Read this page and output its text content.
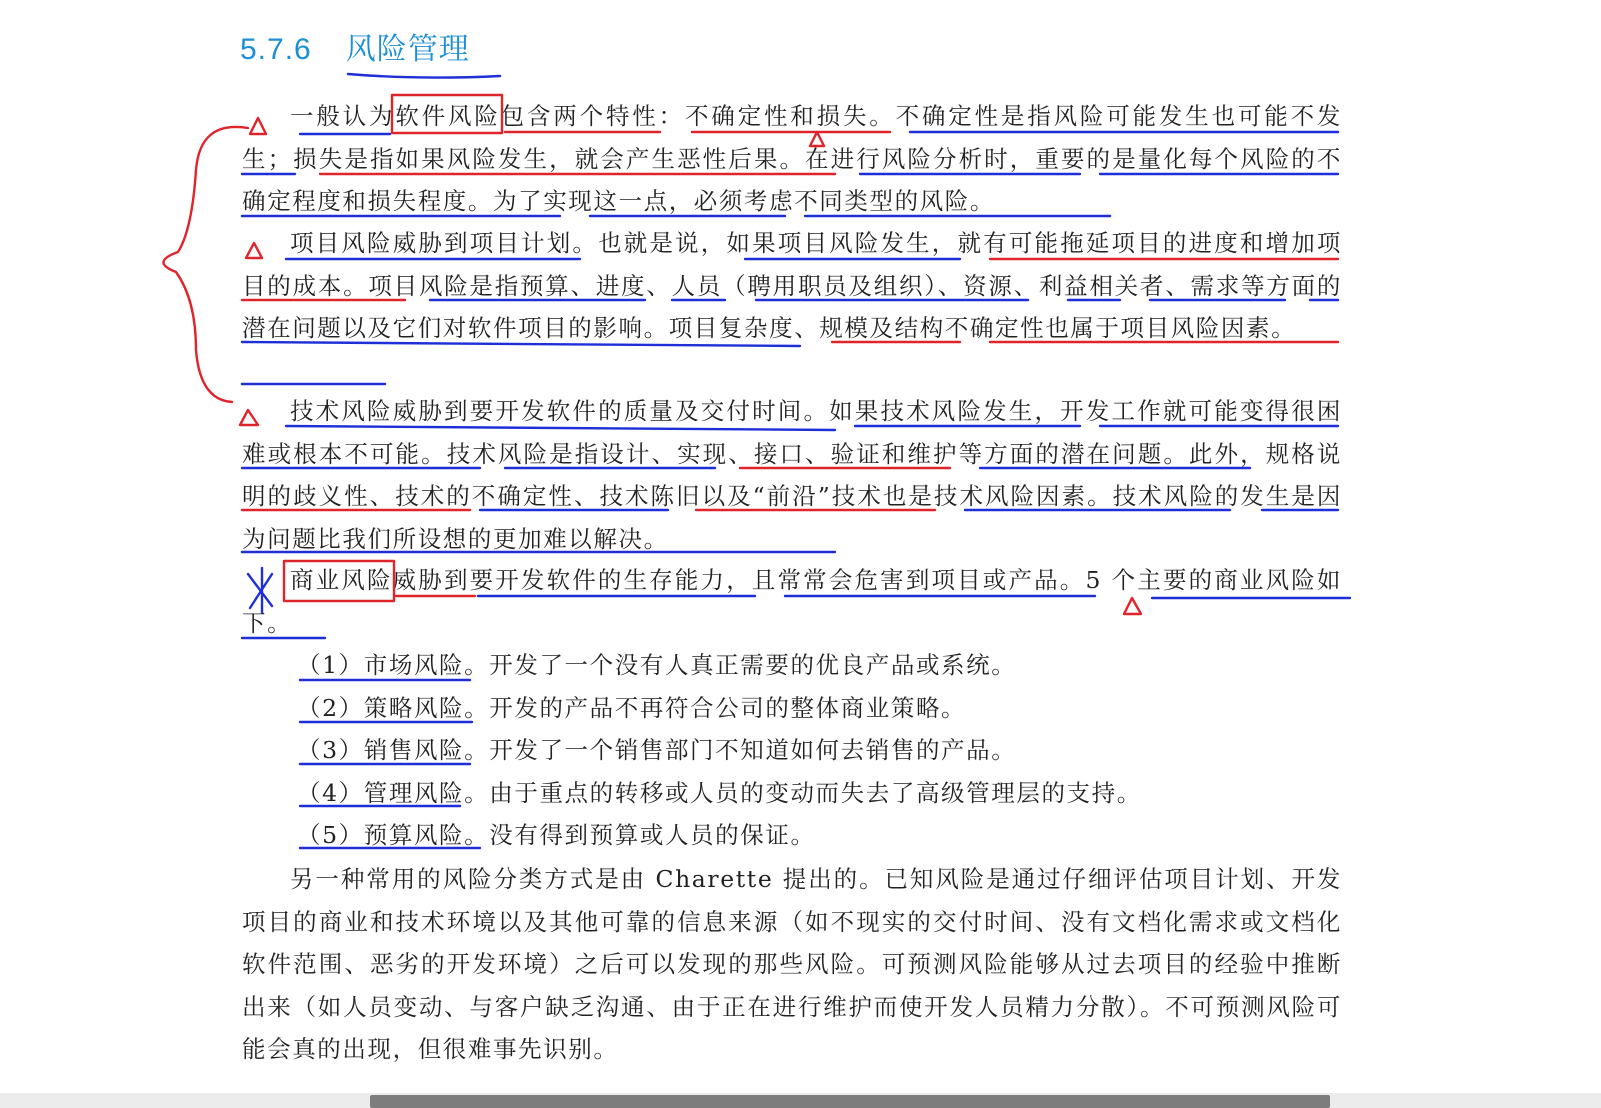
5.7.6 风险管理

一般认为软件风险包含两个特性：不确定性和损失。不确定性是指风险可能发生也可能不发生；损失是指如果风险发生，就会产生恶性后果。在进行风险分析时，重要的是量化每个风险的不确定程度和损失程度。为了实现这一点，必须考虑不同类型的风险。

项目风险威胁到项目计划。也就是说，如果项目风险发生，就有可能拖延项目的进度和增加项目的成本。项目风险是指预算、进度、人员（聘用职员及组织）、资源、利益相关者、需求等方面的潜在问题以及它们对软件项目的影响。项目复杂度、规模及结构不确定性也属于项目风险因素。

技术风险威胁到要开发软件的质量及交付时间。如果技术风险发生，开发工作就可能变得很困难或根本不可能。技术风险是指设计、实现、接口、验证和维护等方面的潜在问题。此外，规格说明的歧义性、技术的不确定性、技术陈旧以及“前沿”技术也是技术风险因素。技术风险的发生是因为问题比我们所设想的更加难以解决。

商业风险威胁到要开发软件的生存能力，且常常会危害到项目或产品。5 个主要的商业风险如下。

（1）市场风险。开发了一个没有人真正需要的优良产品或系统。
（2）策略风险。开发的产品不再符合公司的整体商业策略。
（3）销售风险。开发了一个销售部门不知道如何去销售的产品。
（4）管理风险。由于重点的转移或人员的变动而失去了高级管理层的支持。
（5）预算风险。没有得到预算或人员的保证。

另一种常用的风险分类方式是由 Charette 提出的。已知风险是通过仔细评估项目计划、开发项目的商业和技术环境以及其他可靠的信息来源（如不现实的交付时间、没有文档化需求或文档化软件范围、恶劣的开发环境）之后可以发现的那些风险。可预测风险能够从过去项目的经验中推断出来（如人员变动、与客户缺乏沟通、由于正在进行维护而使开发人员精力分散）。不可预测风险可能会真的出现，但很难事先识别。
